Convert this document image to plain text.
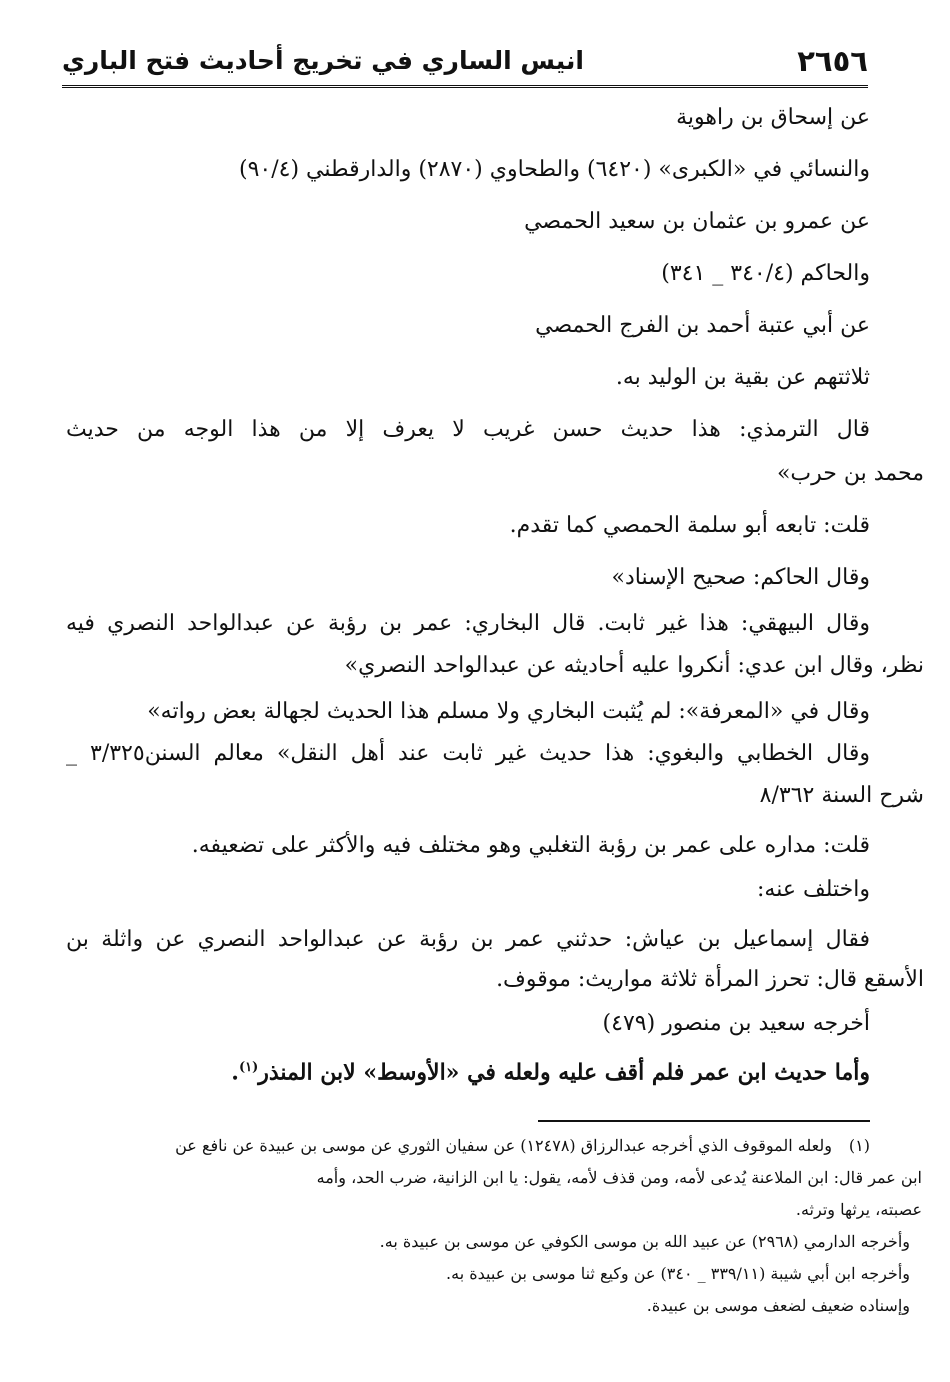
٢٦٥٦
انيس الساري في تخريج أحاديث فتح الباري
عن إسحاق بن راهوية
والنسائي في «الكبرى» (٦٤٢٠) والطحاوي (٢٨٧٠) والدارقطني (٩٠/٤)
عن عمرو بن عثمان بن سعيد الحمصي
والحاكم (٣٤٠/٤ _ ٣٤١)
عن أبي عتبة أحمد بن الفرج الحمصي
ثلاثتهم عن بقية بن الوليد به.
قال الترمذي: هذا حديث حسن غريب لا يعرف إلا من هذا الوجه من حديث
محمد بن حرب»
قلت: تابعه أبو سلمة الحمصي كما تقدم.
وقال الحاكم: صحيح الإسناد»
وقال البيهقي: هذا غير ثابت. قال البخاري: عمر بن رؤبة عن عبدالواحد النصري فيه
نظر، وقال ابن عدي: أنكروا عليه أحاديثه عن عبدالواحد النصري»
وقال في «المعرفة»: لم يُثبت البخاري ولا مسلم هذا الحديث لجهالة بعض رواته»
وقال الخطابي والبغوي: هذا حديث غير ثابت عند أهل النقل» معالم السنن٣/٣٢٥ _
شرح السنة ٨/٣٦٢
قلت: مداره على عمر بن رؤبة التغلبي وهو مختلف فيه والأكثر على تضعيفه.
واختلف عنه:
فقال إسماعيل بن عياش: حدثني عمر بن رؤبة عن عبدالواحد النصري عن واثلة بن
الأسقع قال: تحرز المرأة ثلاثة مواريث: موقوف.
أخرجه سعيد بن منصور (٤٧٩)
وأما حديث ابن عمر فلم أقف عليه ولعله في «الأوسط» لابن المنذر$^{(١)}$.
(١)
ولعله الموقوف الذي أخرجه عبدالرزاق (١٢٤٧٨) عن سفيان الثوري عن موسى بن عبيدة عن نافع عن
ابن عمر قال: ابن الملاعنة يُدعى لأمه، ومن قذف لأمه، يقول: يا ابن الزانية، ضرب الحد، وأمه
عصبته، يرثها وترثه.
وأخرجه الدارمي (٢٩٦٨) عن عبيد الله بن موسى الكوفي عن موسى بن عبيدة به.
وأخرجه ابن أبي شيبة (٣٣٩/١١ _ ٣٤٠) عن وكيع ثنا موسى بن عبيدة به.
وإسناده ضعيف لضعف موسى بن عبيدة.
